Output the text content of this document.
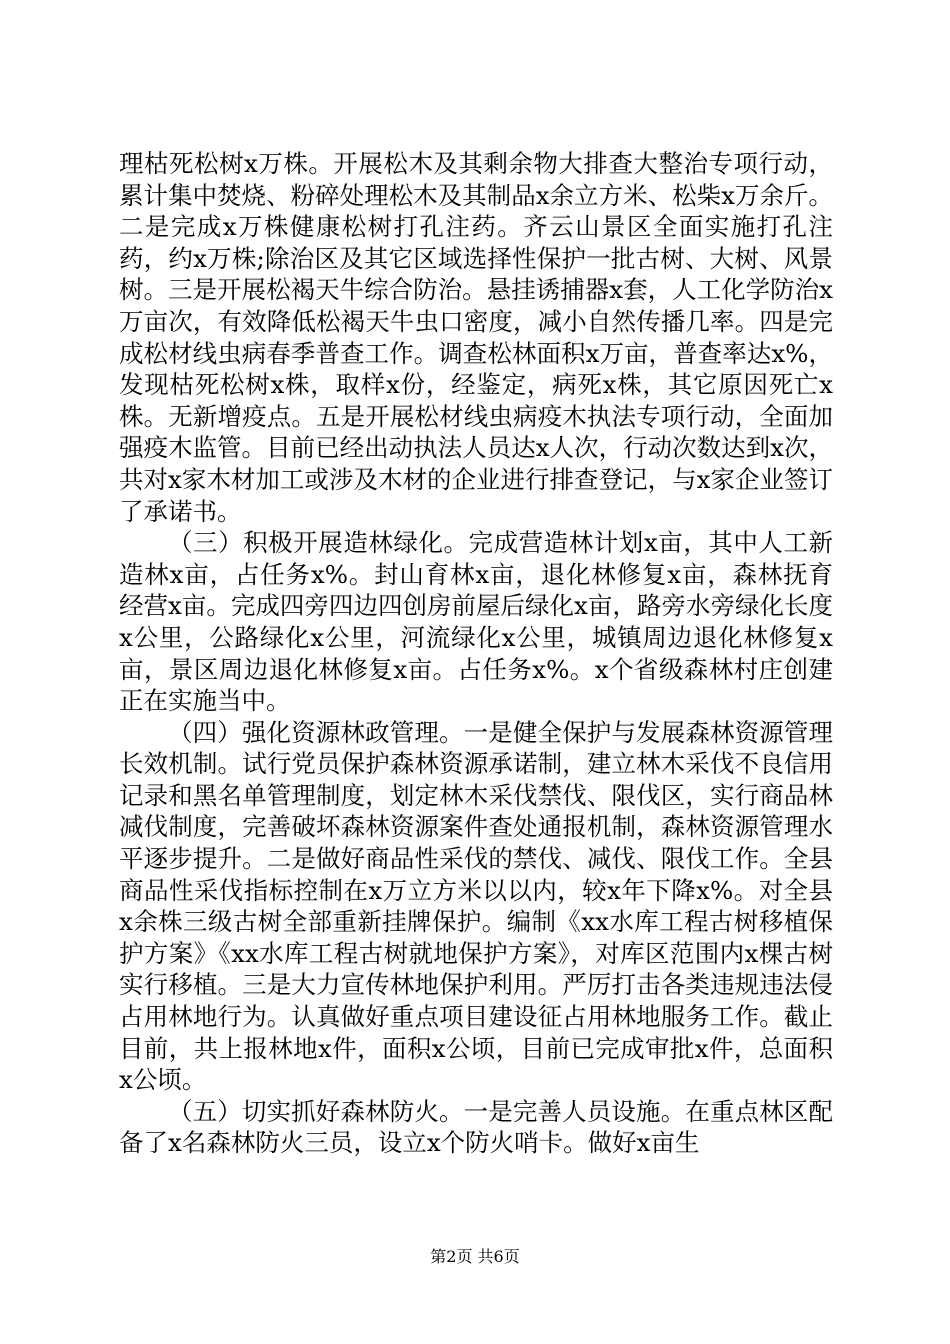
理枯死松树x万株。开展松木及其剩余物大排查大整治专项行动，累计集中焚烧、粉碎处理松木及其制品x余立方米、松柴x万余斤。二是完成x万株健康松树打孔注药。齐云山景区全面实施打孔注药，约x万株;除治区及其它区域选择性保护一批古树、大树、风景树。三是开展松褐天牛综合防治。悬挂诱捕器x套，人工化学防治x万亩次，有效降低松褐天牛虫口密度，减小自然传播几率。四是完成松材线虫病春季普查工作。调查松林面积x万亩，普查率达x%，发现枯死松树x株，取样x份，经鉴定，病死x株，其它原因死亡x株。无新增疫点。五是开展松材线虫病疫木执法专项行动，全面加强疫木监管。目前已经出动执法人员达x人次，行动次数达到x次，共对x家木材加工或涉及木材的企业进行排查登记，与x家企业签订了承诺书。

（三）积极开展造林绿化。完成营造林计划x亩，其中人工新造林x亩，占任务x%。封山育林x亩，退化林修复x亩，森林抚育经营x亩。完成四旁四边四创房前屋后绿化x亩，路旁水旁绿化长度x公里，公路绿化x公里，河流绿化x公里，城镇周边退化林修复x亩，景区周边退化林修复x亩。占任务x%。x个省级森林村庄创建正在实施当中。

（四）强化资源林政管理。一是健全保护与发展森林资源管理长效机制。试行党员保护森林资源承诺制，建立林木采伐不良信用记录和黑名单管理制度，划定林木采伐禁伐、限伐区，实行商品林减伐制度，完善破坏森林资源案件查处通报机制，森林资源管理水平逐步提升。二是做好商品性采伐的禁伐、减伐、限伐工作。全县商品性采伐指标控制在x万立方米以以内，较x年下降x%。对全县x余株三级古树全部重新挂牌保护。编制《xx水库工程古树移植保护方案》《xx水库工程古树就地保护方案》，对库区范围内x棵古树实行移植。三是大力宣传林地保护利用。严厉打击各类违规违法侵占用林地行为。认真做好重点项目建设征占用林地服务工作。截止目前，共上报林地x件，面积x公顷，目前已完成审批x件，总面积x公顷。

（五）切实抓好森林防火。一是完善人员设施。在重点林区配备了x名森林防火三员，设立x个防火哨卡。做好x亩生

第2页 共6页
